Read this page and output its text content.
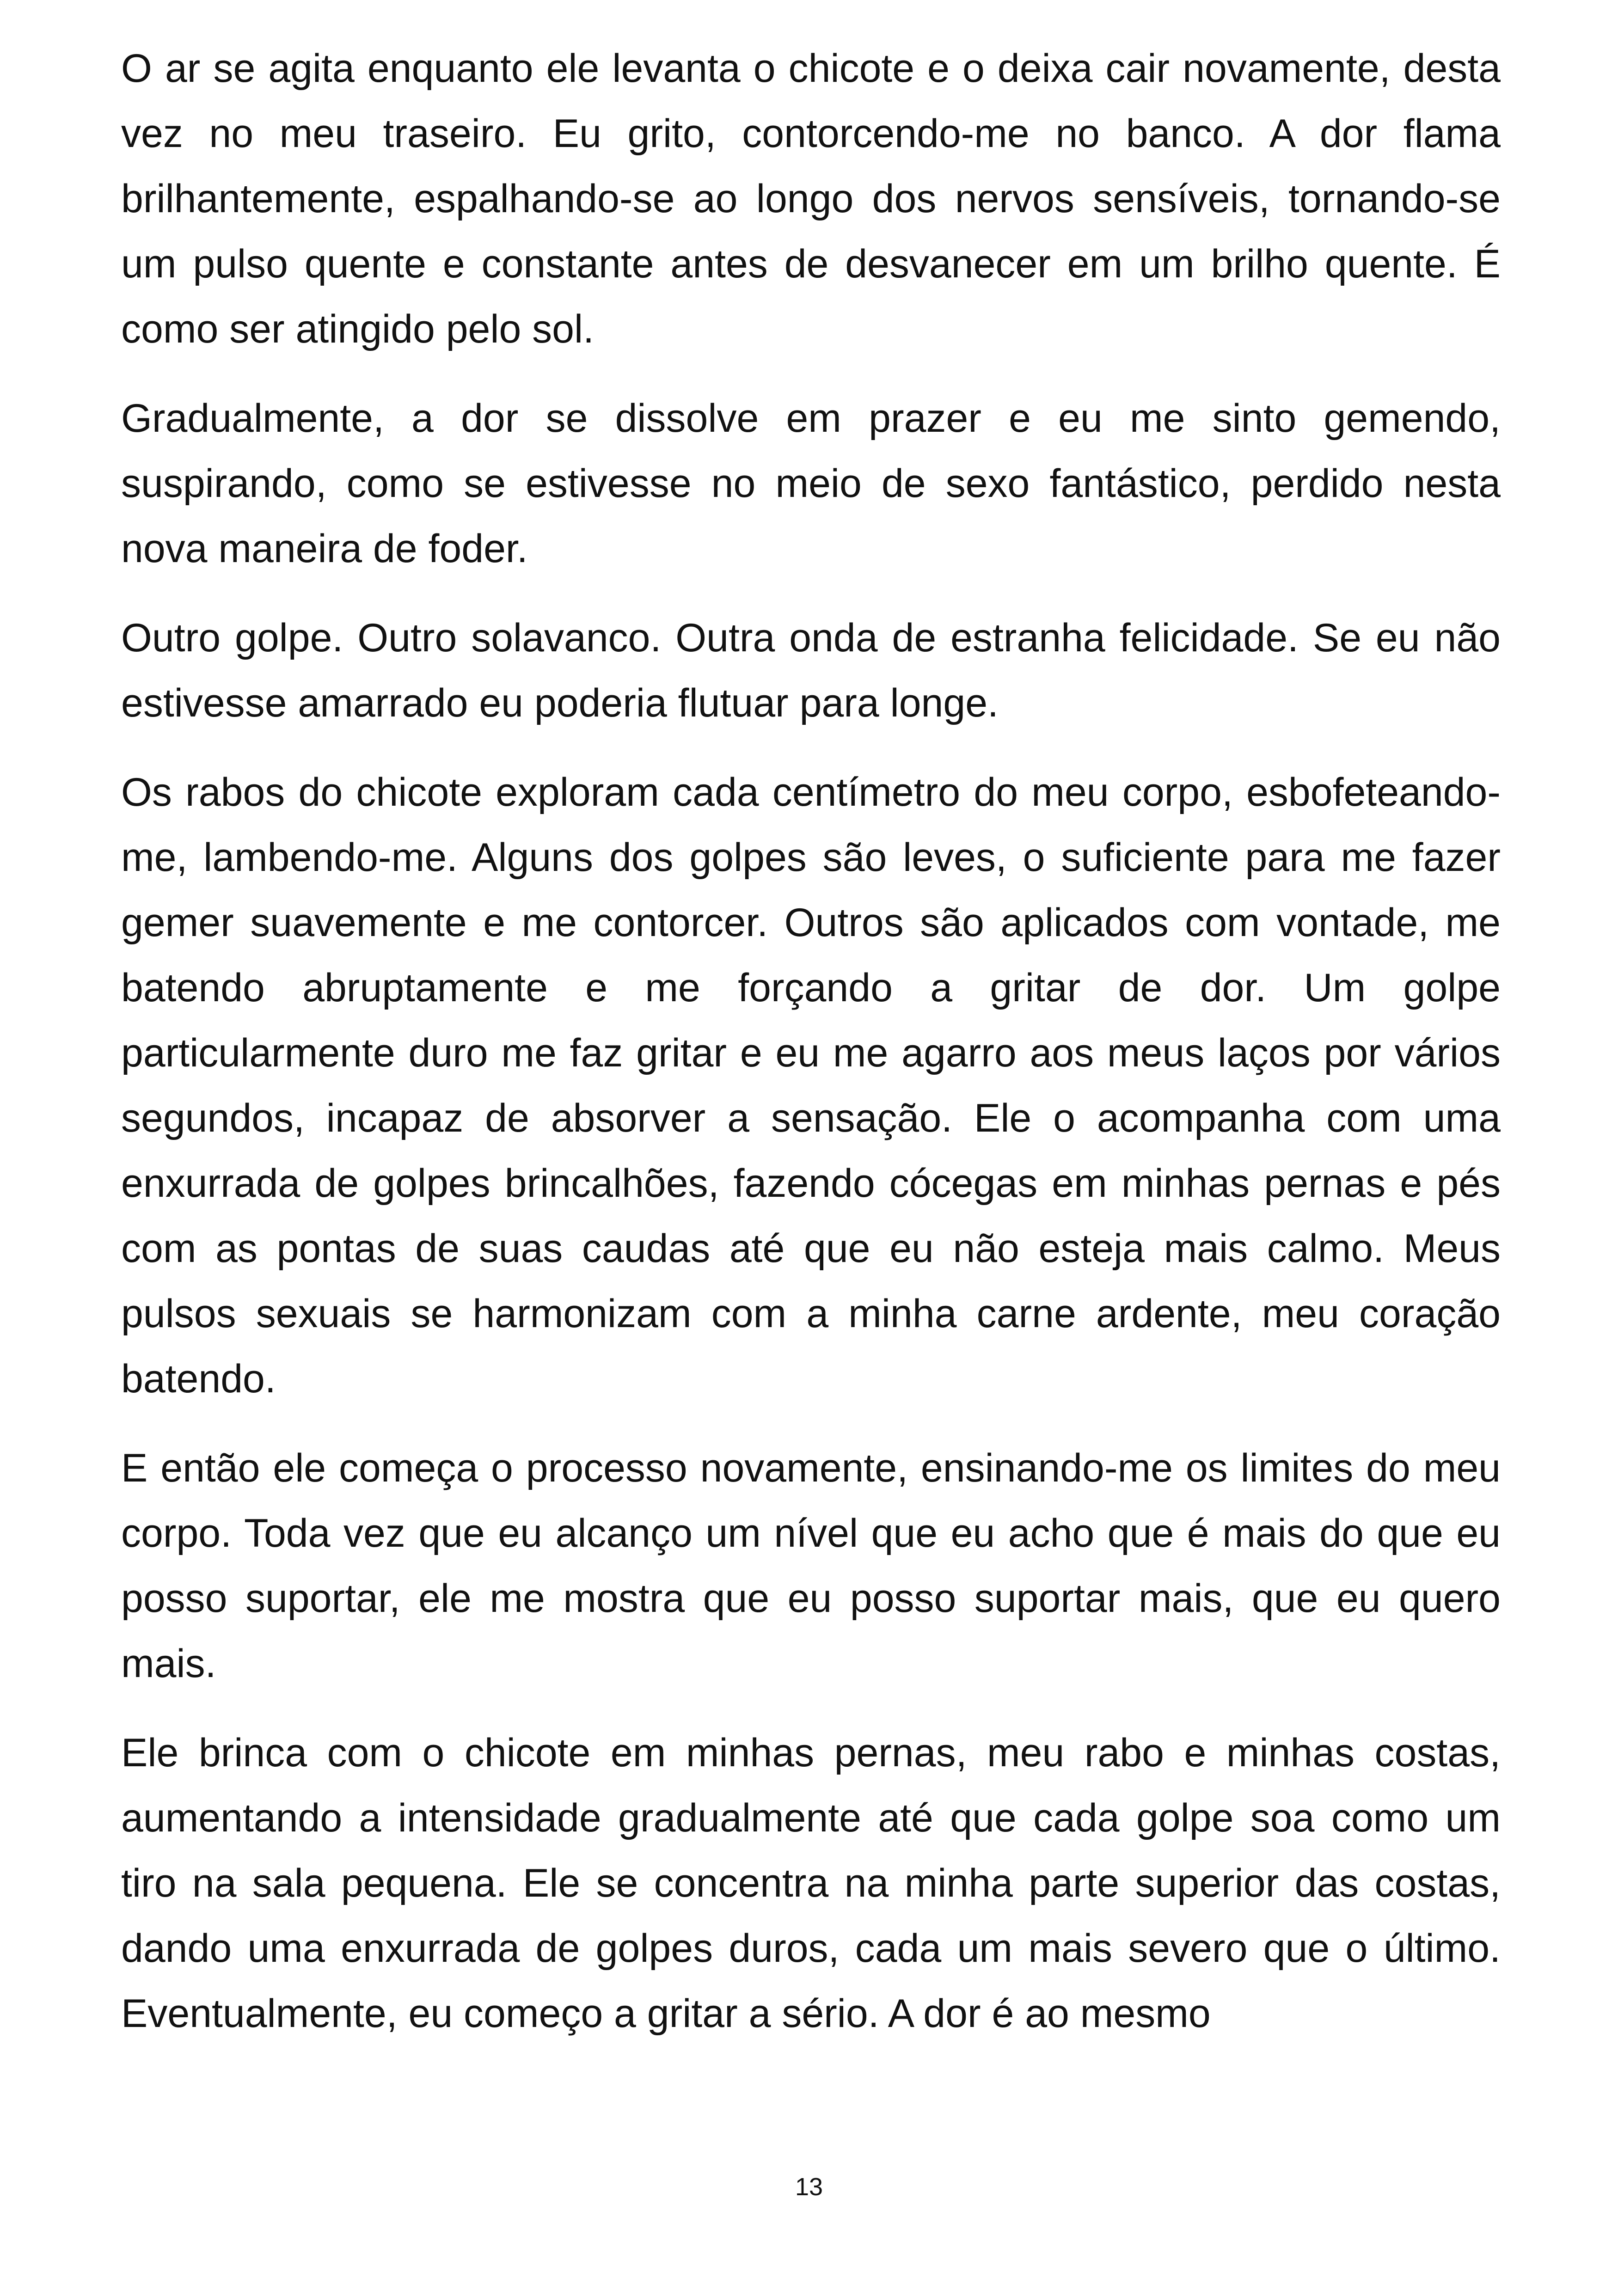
O ar se agita enquanto ele levanta o chicote e o deixa cair novamente, desta vez no meu traseiro. Eu grito, contorcendo-me no banco. A dor flama brilhantemente, espalhando-se ao longo dos nervos sensíveis, tornando-se um pulso quente e constante antes de desvanecer em um brilho quente. É como ser atingido pelo sol.

Gradualmente, a dor se dissolve em prazer e eu me sinto gemendo, suspirando, como se estivesse no meio de sexo fantástico, perdido nesta nova maneira de foder.

Outro golpe. Outro solavanco. Outra onda de estranha felicidade. Se eu não estivesse amarrado eu poderia flutuar para longe.

Os rabos do chicote exploram cada centímetro do meu corpo, esbofeteando-me, lambendo-me. Alguns dos golpes são leves, o suficiente para me fazer gemer suavemente e me contorcer. Outros são aplicados com vontade, me batendo abruptamente e me forçando a gritar de dor. Um golpe particularmente duro me faz gritar e eu me agarro aos meus laços por vários segundos, incapaz de absorver a sensação. Ele o acompanha com uma enxurrada de golpes brincalhões, fazendo cócegas em minhas pernas e pés com as pontas de suas caudas até que eu não esteja mais calmo. Meus pulsos sexuais se harmonizam com a minha carne ardente, meu coração batendo.

E então ele começa o processo novamente, ensinando-me os limites do meu corpo. Toda vez que eu alcanço um nível que eu acho que é mais do que eu posso suportar, ele me mostra que eu posso suportar mais, que eu quero mais.

Ele brinca com o chicote em minhas pernas, meu rabo e minhas costas, aumentando a intensidade gradualmente até que cada golpe soa como um tiro na sala pequena. Ele se concentra na minha parte superior das costas, dando uma enxurrada de golpes duros, cada um mais severo que o último. Eventualmente, eu começo a gritar a sério. A dor é ao mesmo

13
